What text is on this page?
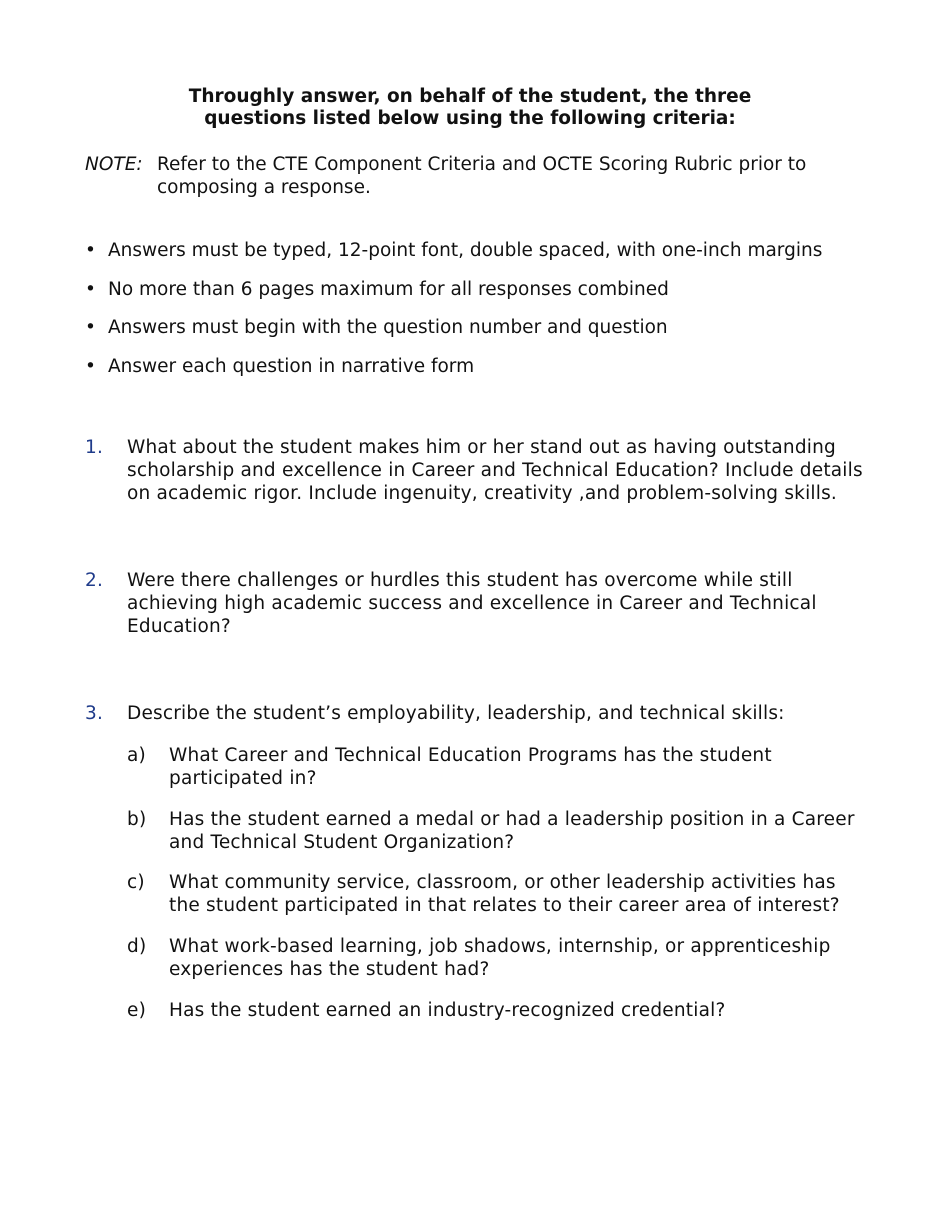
Throughly answer, on behalf of the student, the three
questions listed below using the following criteria:
NOTE: Refer to the CTE Component Criteria and OCTE Scoring Rubric prior to composing a response.
• Answers must be typed, 12-point font, double spaced, with one-inch margins
• No more than 6 pages maximum for all responses combined
• Answers must begin with the question number and question
• Answer each question in narrative form
1. What about the student makes him or her stand out as having outstanding scholarship and excellence in Career and Technical Education? Include details on academic rigor. Include ingenuity, creativity ,and problem-solving skills.
2. Were there challenges or hurdles this student has overcome while still achieving high academic success and excellence in Career and Technical Education?
3. Describe the student’s employability, leadership, and technical skills:
a) What Career and Technical Education Programs has the student participated in?
b) Has the student earned a medal or had a leadership position in a Career and Technical Student Organization?
c) What community service, classroom, or other leadership activities has the student participated in that relates to their career area of interest?
d) What work-based learning, job shadows, internship, or apprenticeship experiences has the student had?
e) Has the student earned an industry-recognized credential?
